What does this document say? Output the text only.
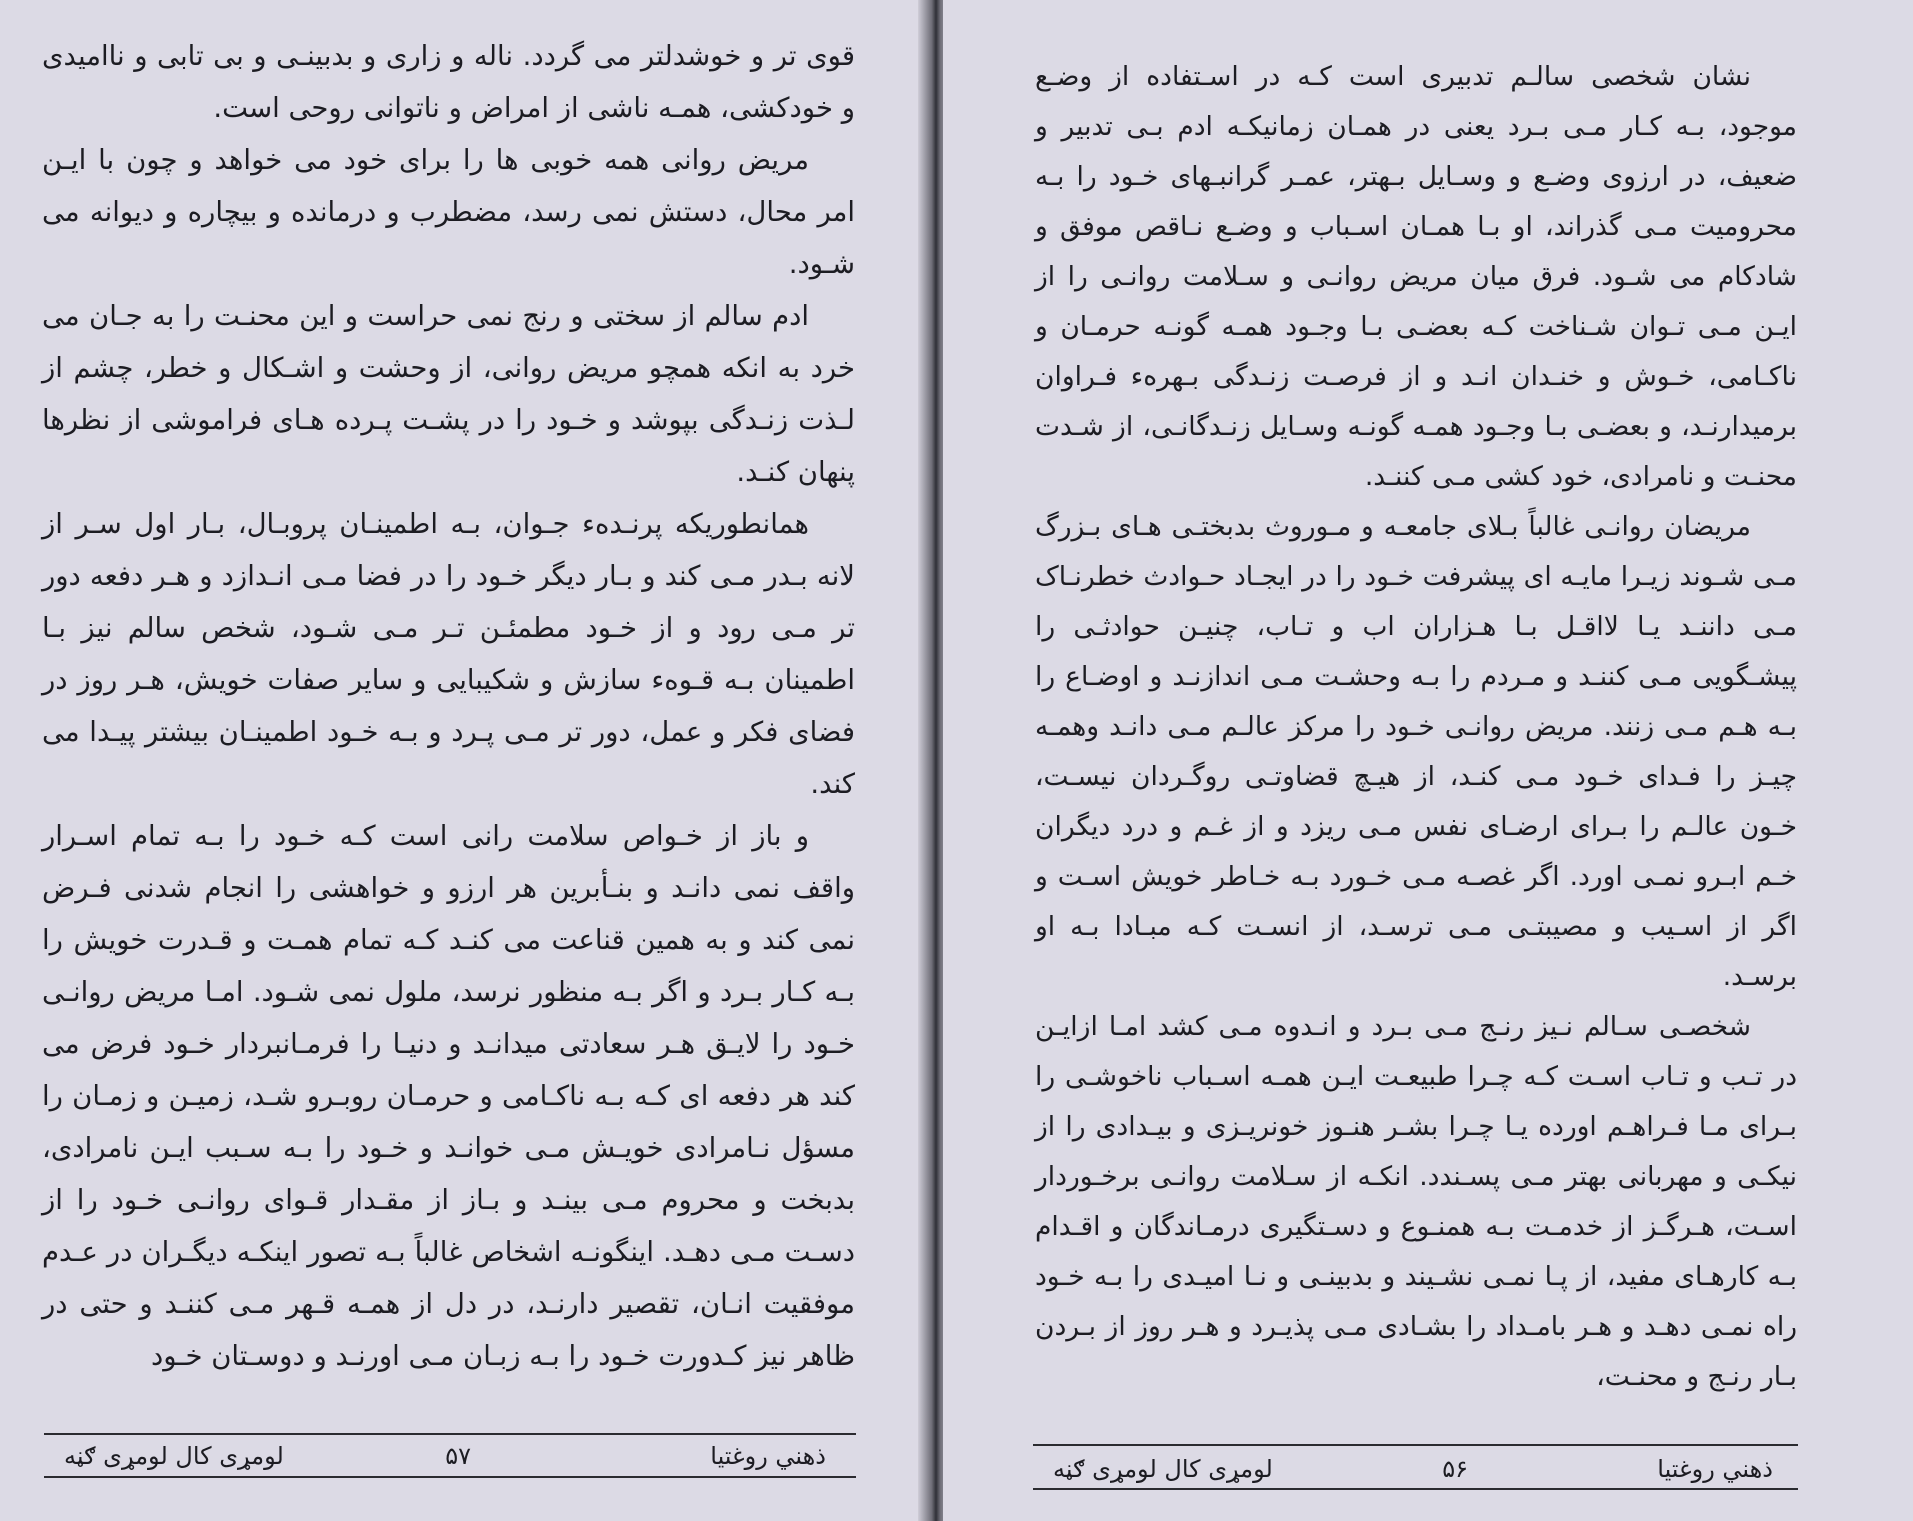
قوی تر و خوشدلتر می گردد. ناله و زاری و بدبینـی و بی تابی و ناامیدی و خودکشی، همـه ناشی از امراض و ناتوانی روحی است.

مریض روانی همه خوبی ها را برای خود می خواهد و چون با ایـن امر محال، دستش نمی رسد، مضطرب و درمانده و بیچاره و دیوانه می شـود.

ادم سالم از سختی و رنج نمی حراست و این محنـت را به جـان می خرد به انکه همچو مریض روانی، از وحشت و اشـکال و خطر، چشم از لـذت زنـدگی بپوشد و خـود را در پشـت پـرده هـای فراموشی از نظرها پنهان کنـد.

همانطوریکه پرنـده‌ء جـوان، بـه اطمینـان پروبـال، بـار اول سـر از لانه بـدر مـی کند و بـار دیگر خـود را در فضا مـی انـدازد و هـر دفعه دور تر مـی رود و از خـود مطمئـن تـر مـی شـود، شخص سالم نیز بـا اطمینان بـه قـوه‌ء سازش و شکیبایی و سایر صفات خویش، هـر روز در فضای فکر و عمل، دور تر مـی پـرد و بـه خـود اطمینـان بیشتر پیـدا می کند.

و باز از خـواص سلامت رانی است کـه خـود را بـه تمام اسـرار واقف نمی دانـد و بنـأبرین هر ارزو و خواهشی را انجام شدنی فـرض نمی کند و به همین قناعت می کنـد کـه تمام همـت و قـدرت خویش را بـه کـار بـرد و اگر بـه منظور نرسد، ملول نمی شـود. امـا مریض روانـی خـود را لایـق هـر سعادتی میدانـد و دنیـا را فرمـانبردار خـود فرض می کند هر دفعه ای کـه بـه ناکـامی و حرمـان روبـرو شـد، زمیـن و زمـان را مسؤل نـامرادی خویـش مـی خوانـد و خـود را بـه سـبب ایـن نامرادی، بدبخت و محروم مـی بینـد و بـاز از مقـدار قـوای روانـی خـود را از دسـت مـی دهـد. اینگونـه اشخاص غالباً بـه تصور اینکـه دیگـران در عـدم موفقیت انـان، تقصیر دارنـد، در دل از همـه قـهر مـی کننـد و حتی در ظاهر نیز کـدورت خـود را بـه زبـان مـی اورنـد و دوسـتان خـود

ذهني روغتيا
۵۷
لومړی کال لومړی ګڼه

نشان شخصی سالـم تدبیری است کـه در اسـتفاده از وضـع موجود، بـه کـار مـی بـرد یعنی در همـان زمانیکـه ادم بـی تدبیر و ضعیف، در ارزوی وضـع و وسـایل بـهتر، عمـر گرانبـهای خـود را بـه محرومیت مـی گذراند، او بـا همـان اسـباب و وضـع نـاقص موفق و شادکام می شـود. فرق میان مریض روانـی و سـلامت روانـی را از ایـن مـی تـوان شـناخت کـه بعضـی بـا وجـود همـه گونـه حرمـان و ناکـامی، خـوش و خنـدان انـد و از فرصـت زنـدگی بـهره‌ء فـراوان برمیدارنـد، و بعضـی بـا وجـود همـه گونـه وسـایل زنـدگانـی، از شـدت محنـت و نامرادی، خود کشی مـی کننـد.

مریضان روانـی غالباً بـلای جامعـه و مـوروث بدبختـی هـای بـزرگ مـی شـوند زیـرا مایـه ای پیشرفت خـود را در ایجـاد حـوادث خطرنـاک مـی داننـد یـا لااقـل بـا هـزاران اب و تـاب، چنیـن حوادثـی را پیشـگویی مـی کننـد و مـردم را بـه وحشـت مـی اندازنـد و اوضـاع را بـه هـم مـی زنند. مریض روانـی خـود را مرکز عالـم مـی دانـد وهمـه چیـز را فـدای خـود مـی کنـد، از هیـچ قضاوتـی روگـردان نیسـت، خـون عالـم را بـرای ارضـای نفس مـی ریزد و از غـم و درد دیگران خـم ابـرو نمـی اورد. اگر غصـه مـی خـورد بـه خـاطر خویش اسـت و اگر از اسـیب و مصیبتـی مـی ترسـد، از انسـت کـه مبـادا بـه او برسـد.

شخصـی سـالم نـیز رنـج مـی بـرد و انـدوه مـی کشد امـا ازایـن در تـب و تـاب اسـت کـه چـرا طبیعـت ایـن همـه اسـباب ناخوشـی را بـرای مـا فـراهـم اورده یـا چـرا بشـر هنـوز خونریـزی و بیـدادی را از نیکـی و مهربانی بهتر مـی پسـندد. انکـه از سـلامت روانـی برخـوردار اسـت، هـرگـز از خدمـت بـه همنـوع و دسـتگیری درمـاندگان و اقـدام بـه کارهـای مفید، از پـا نمـی نشـیند و بدبینـی و نـا امیـدی را بـه خـود راه نمـی دهـد و هـر بامـداد را بشـادی مـی پذیـرد و هـر روز از بـردن بـار رنـج و محنـت،

ذهني روغتيا
۵۶
لومړی کال لومړی ګڼه
